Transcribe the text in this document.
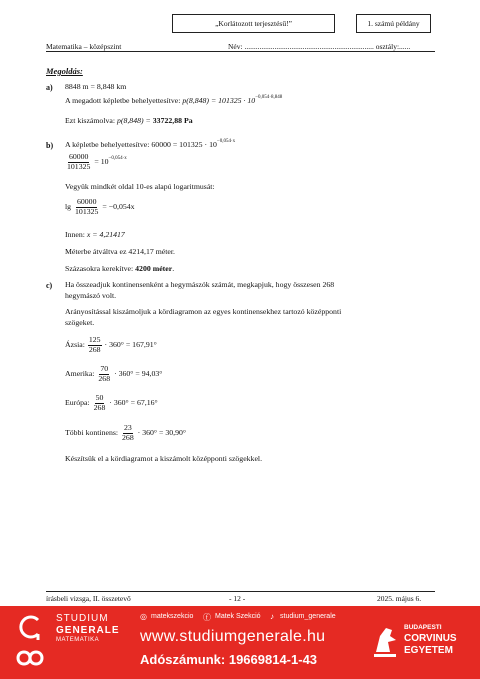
„Korlátozott terjesztésű!”	1. számú példány
Matematika – középszint	Név: ..................................................................... osztály:......
Megoldás:
a) 8848 m = 8,848 km
A megadott képletbe behelyettesítve: $p(8,848) = 101325 \cdot 10^{-0,054\cdot 8,848}$
Ezt kiszámolva: p(8,848) = 33722,88 Pa
b) A képletbe behelyettesítve: $60000 = 101325 \cdot 10^{-0,054\cdot x}$
$\frac{60000}{101325} = 10^{-0,054\cdot x}$
Vegyük mindkét oldal 10-es alapú logaritmusát:
$\lg \frac{60000}{101325} = -0,054x$
Innen: x = 4,21417
Méterbe átváltva ez 4214,17 méter.
Százasokra kerekítve: 4200 méter.
c) Ha összeadjuk kontinensenként a hegymászók számát, megkapjuk, hogy összesen 268
hegymászó volt.
Arányosítással kiszámoljuk a kördiagramon az egyes kontinensekhez tartozó középponti
szögeket.
Ázsia: $\frac{125}{268} \cdot 360^\circ = 167,91^\circ$
Amerika: $\frac{70}{268} \cdot 360^\circ = 94,03^\circ$
Európa: $\frac{50}{268} \cdot 360^\circ = 67,16^\circ$
Többi kontinens: $\frac{23}{268} \cdot 360^\circ = 30,90^\circ$
Készítsük el a kördiagramot a kiszámolt középponti szögekkel.
írásbeli vizsga, II. összetevő	- 12 -	2025. május 6.
STUDIUM
GENERALE
MATEMATIKA
◎ matekszekcio ⓕ Matek Szekció ♪ studium_generale
www.studiumgenerale.hu
Adószámunk: 19669814-1-43
BUDAPESTI
CORVINUS
EGYETEM
